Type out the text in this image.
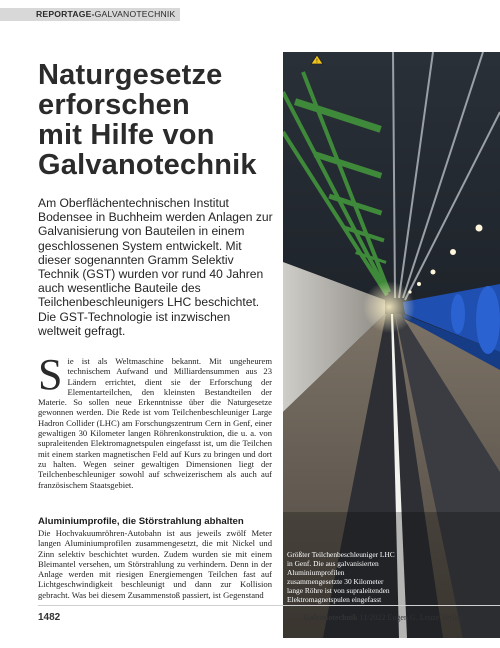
REPORTAGE-GALVANOTECHNIK
Naturgesetze
erforschen
mit Hilfe von
Galvanotechnik

Am Oberflächentechnischen Institut Bodensee in Buchheim werden Anlagen zur Galvanisierung von Bauteilen in einem geschlossenen System entwickelt. Mit dieser sogenannten Gramm Selektiv Technik (GST) wurden vor rund 40 Jahren auch wesentliche Bauteile des Teilchenbeschleunigers LHC beschichtet. Die GST-Technologie ist inzwischen weltweit gefragt.

Sie ist als Weltmaschine bekannt. Mit ungeheurem technischem Aufwand und Milliardensummen aus 23 Ländern errichtet, dient sie der Erforschung der Elementarteilchen, den kleinsten Bestandteilen der Materie. So sollen neue Erkenntnisse über die Naturgesetze gewonnen werden. Die Rede ist vom Teilchenbeschleuniger Large Hadron Collider (LHC) am Forschungszentrum Cern in Genf, einer gewaltigen 30 Kilometer langen Röhrenkonstruktion, die u. a. von supraleitenden Elektromagnetspulen eingefasst ist, um die Teilchen mit einem starken magnetischen Feld auf Kurs zu bringen und dort zu halten. Wegen seiner gewaltigen Dimensionen liegt der Teilchenbeschleuniger sowohl auf schweizerischem als auch auf französischem Staatsgebiet.
Aluminiumprofile, die Störstrahlung abhalten
Die Hochvakuumröhren-Autobahn ist aus jeweils zwölf Meter langen Aluminiumprofilen zusammengesetzt, die mit Nickel und Zinn selektiv beschichtet wurden. Zudem wurden sie mit einem Bleimantel versehen, um Störstrahlung zu verhindern. Denn in der Anlage werden mit riesigen Energiemengen Teilchen fast auf Lichtgeschwindigkeit beschleunigt und dann zur Kollision gebracht. Was bei diesem Zusammenstoß passiert, ist Gegenstand
!

Größter Teilchenbeschleuniger LHC in Genf. Die aus galvanisierten Aluminiumprofilen zusammengesetzte 30 Kilometer lange Röhre ist von supraleitenden Elektromagnetspulen eingefasst

1482	Galvanotechnik 11/2022 Eugen G. Leuze Verlag
